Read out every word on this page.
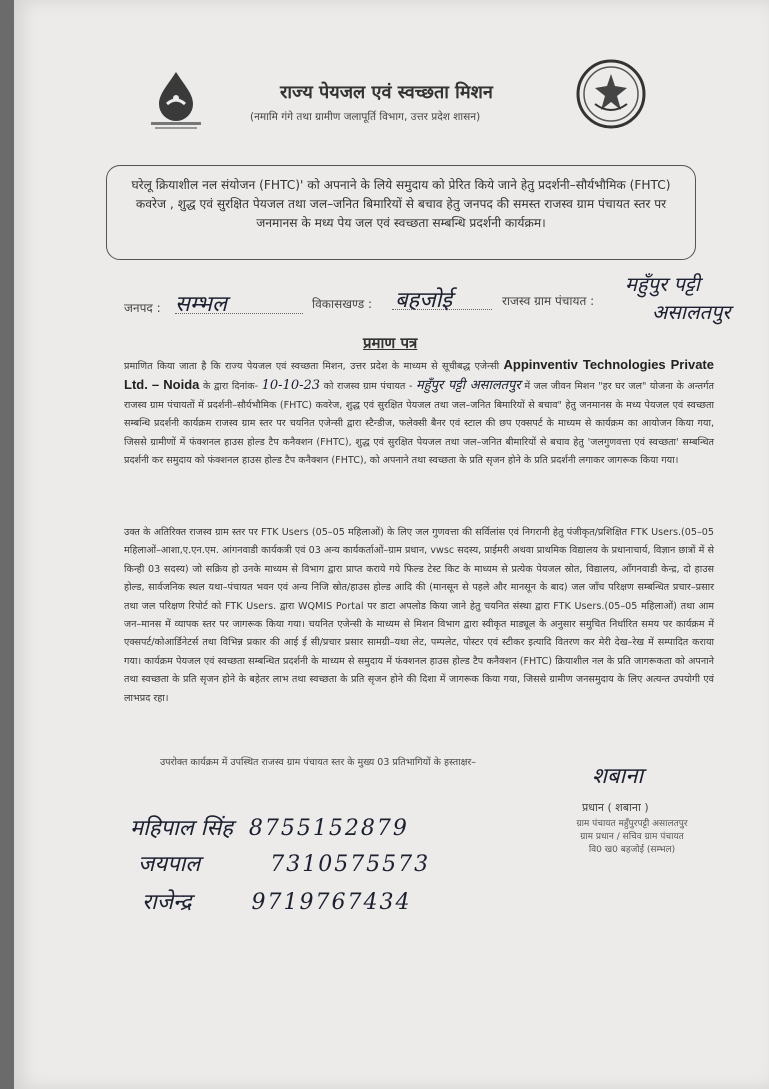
राज्य पेयजल एवं स्वच्छता मिशन
(नमामि गंगे तथा ग्रामीण जलापूर्ति विभाग, उत्तर प्रदेश शासन)
घरेलू क्रियाशील नल संयोजन (FHTC)' को अपनाने के लिये समुदाय को प्रेरित किये जाने हेतु प्रदर्शनी–सौर्यभौमिक (FHTC) कवरेज , शुद्ध एवं सुरक्षित पेयजल तथा जल–जनित बिमारियों से बचाव हेतु जनपद की समस्त राजस्व ग्राम पंचायत स्तर पर जनमानस के मध्य पेय जल एवं स्वच्छता सम्बन्धि प्रदर्शनी कार्यक्रम।
जनपद : सम्भल	विकासखण्ड : बहजोई	राजस्व ग्राम पंचायत :
महुँपुर पट्टी
असालतपुर
प्रमाण पत्र
प्रमाणित किया जाता है कि राज्य पेयजल एवं स्वच्छता मिशन, उत्तर प्रदेश के माध्यम से सूचीबद्ध एजेन्सी Appinventiv Technologies Private Ltd. – Noida के द्वारा दिनांक- 10-10-23 को राजस्व ग्राम पंचायत - महुँपुर पट्टी असालतपुर में जल जीवन मिशन "हर घर जल" योजना के अन्तर्गत राजस्व ग्राम पंचायतों में प्रदर्शनी–सौर्यभौमिक (FHTC) कवरेज, शुद्ध एवं सुरक्षित पेयजल तथा जल–जनित बिमारियों से बचाव" हेतु जनमानस के मध्य पेयजल एवं स्वच्छता सम्बन्धि प्रदर्शनी कार्यक्रम राजस्व ग्राम स्तर पर चयनित एजेन्सी द्वारा स्टैन्डीज, फलेक्सी बैनर एवं स्टाल की छप एक्सपर्ट के माध्यम से कार्यक्रम का आयोजन किया गया, जिससे ग्रामीणों में फंक्शनल हाउस होल्ड टैप कनैक्शन (FHTC), शुद्ध एवं सुरक्षित पेयजल तथा जल–जनित बीमारियों से बचाव हेतु 'जलगुणवत्ता एवं स्वच्छता' सम्बन्धित प्रदर्शनी कर समुदाय को फंक्शनल हाउस होल्ड टैप कनैक्शन (FHTC), को अपनाने तथा स्वच्छता के प्रति सृजन होने के प्रति प्रदर्शनी लगाकर जागरूक किया गया।
उक्त के अतिरिक्त राजस्व ग्राम स्तर पर FTK Users (05–05 महिलाओं) के लिए जल गुणवत्ता की सर्विलांस एवं निगरानी हेतु पंजीकृत/प्रशिक्षित FTK Users.(05–05 महिलाओं–आशा,ए.एन.एम. आंगनवाडी कार्यकत्री एवं 03 अन्य कार्यकर्ताओं–ग्राम प्रधान, vwsc सदस्य, प्राईमरी अथवा प्राथमिक विद्यालय के प्रधानाचार्य, विज्ञान छात्रों में से किन्ही 03 सदस्य) जो सक्रिय हो उनके माध्यम से विभाग द्वारा प्राप्त कराये गये फिल्ड टेस्ट किट के माध्यम से प्रत्येक पेयजल स्रोत, विद्यालय, आँगनवाडी केन्द्र, दो हाउस होल्ड, सार्वजनिक स्थल यथा–पंचायत भवन एवं अन्य निजि स्रोत/हाउस होल्ड आदि की (मानसून से पहले और मानसून के बाद) जल जाँच परिक्षण सम्बन्धित प्रचार–प्रसार तथा जल परिक्षण रिपोर्ट को FTK Users. द्वारा WQMIS Portal पर डाटा अपलोड किया जाने हेतु चयनित संस्था द्वारा FTK Users.(05–05 महिलाओं) तथा आम जन–मानस में व्यापक स्तर पर जागरूक किया गया। चयनित एजेन्सी के माध्यम से मिशन विभाग द्वारा स्वीकृत माड्यूल के अनुसार समुचित निर्धारित समय पर कार्यक्रम में एक्सपर्ट/कोआर्डिनेटर्स तथा विभिन्न प्रकार की आई ई सी/प्रचार प्रसार सामग्री–यथा लेट, पम्पलेट, पोस्टर एवं स्टीकर इत्यादि वितरण कर मेरी देख–रेख में सम्पादित कराया गया। कार्यक्रम पेयजल एवं स्वच्छता सम्बन्धित प्रदर्शनी के माध्यम से समुदाय में फंक्शनल हाउस होल्ड टैप कनैक्शन (FHTC) क्रियाशील नल के प्रति जागरूकता को अपनाने तथा स्वच्छता के प्रति सृजन होने के बहेतर लाभ तथा स्वच्छता के प्रति सृजन होने की दिशा में जागरूक किया गया, जिससे ग्रामीण जनसमुदाय के लिए अत्यन्त उपयोगी एवं लाभप्रद रहा।
उपरोक्त कार्यक्रम में उपस्थित राजस्व ग्राम पंचायत स्तर के मुख्य 03 प्रतिभागियों के हस्ताक्षर–
शबाना
प्रधान ( शबाना )
ग्राम पंचायत महुँपुरपट्टी असालतपुर
ग्राम प्रधान / सचिव ग्राम पंचायत
वि0 ख0 बहजोई (सम्भल)
महिपाल सिंह 8755152879
जयपाल	7310575573
राजेन्द्र	9719767434
